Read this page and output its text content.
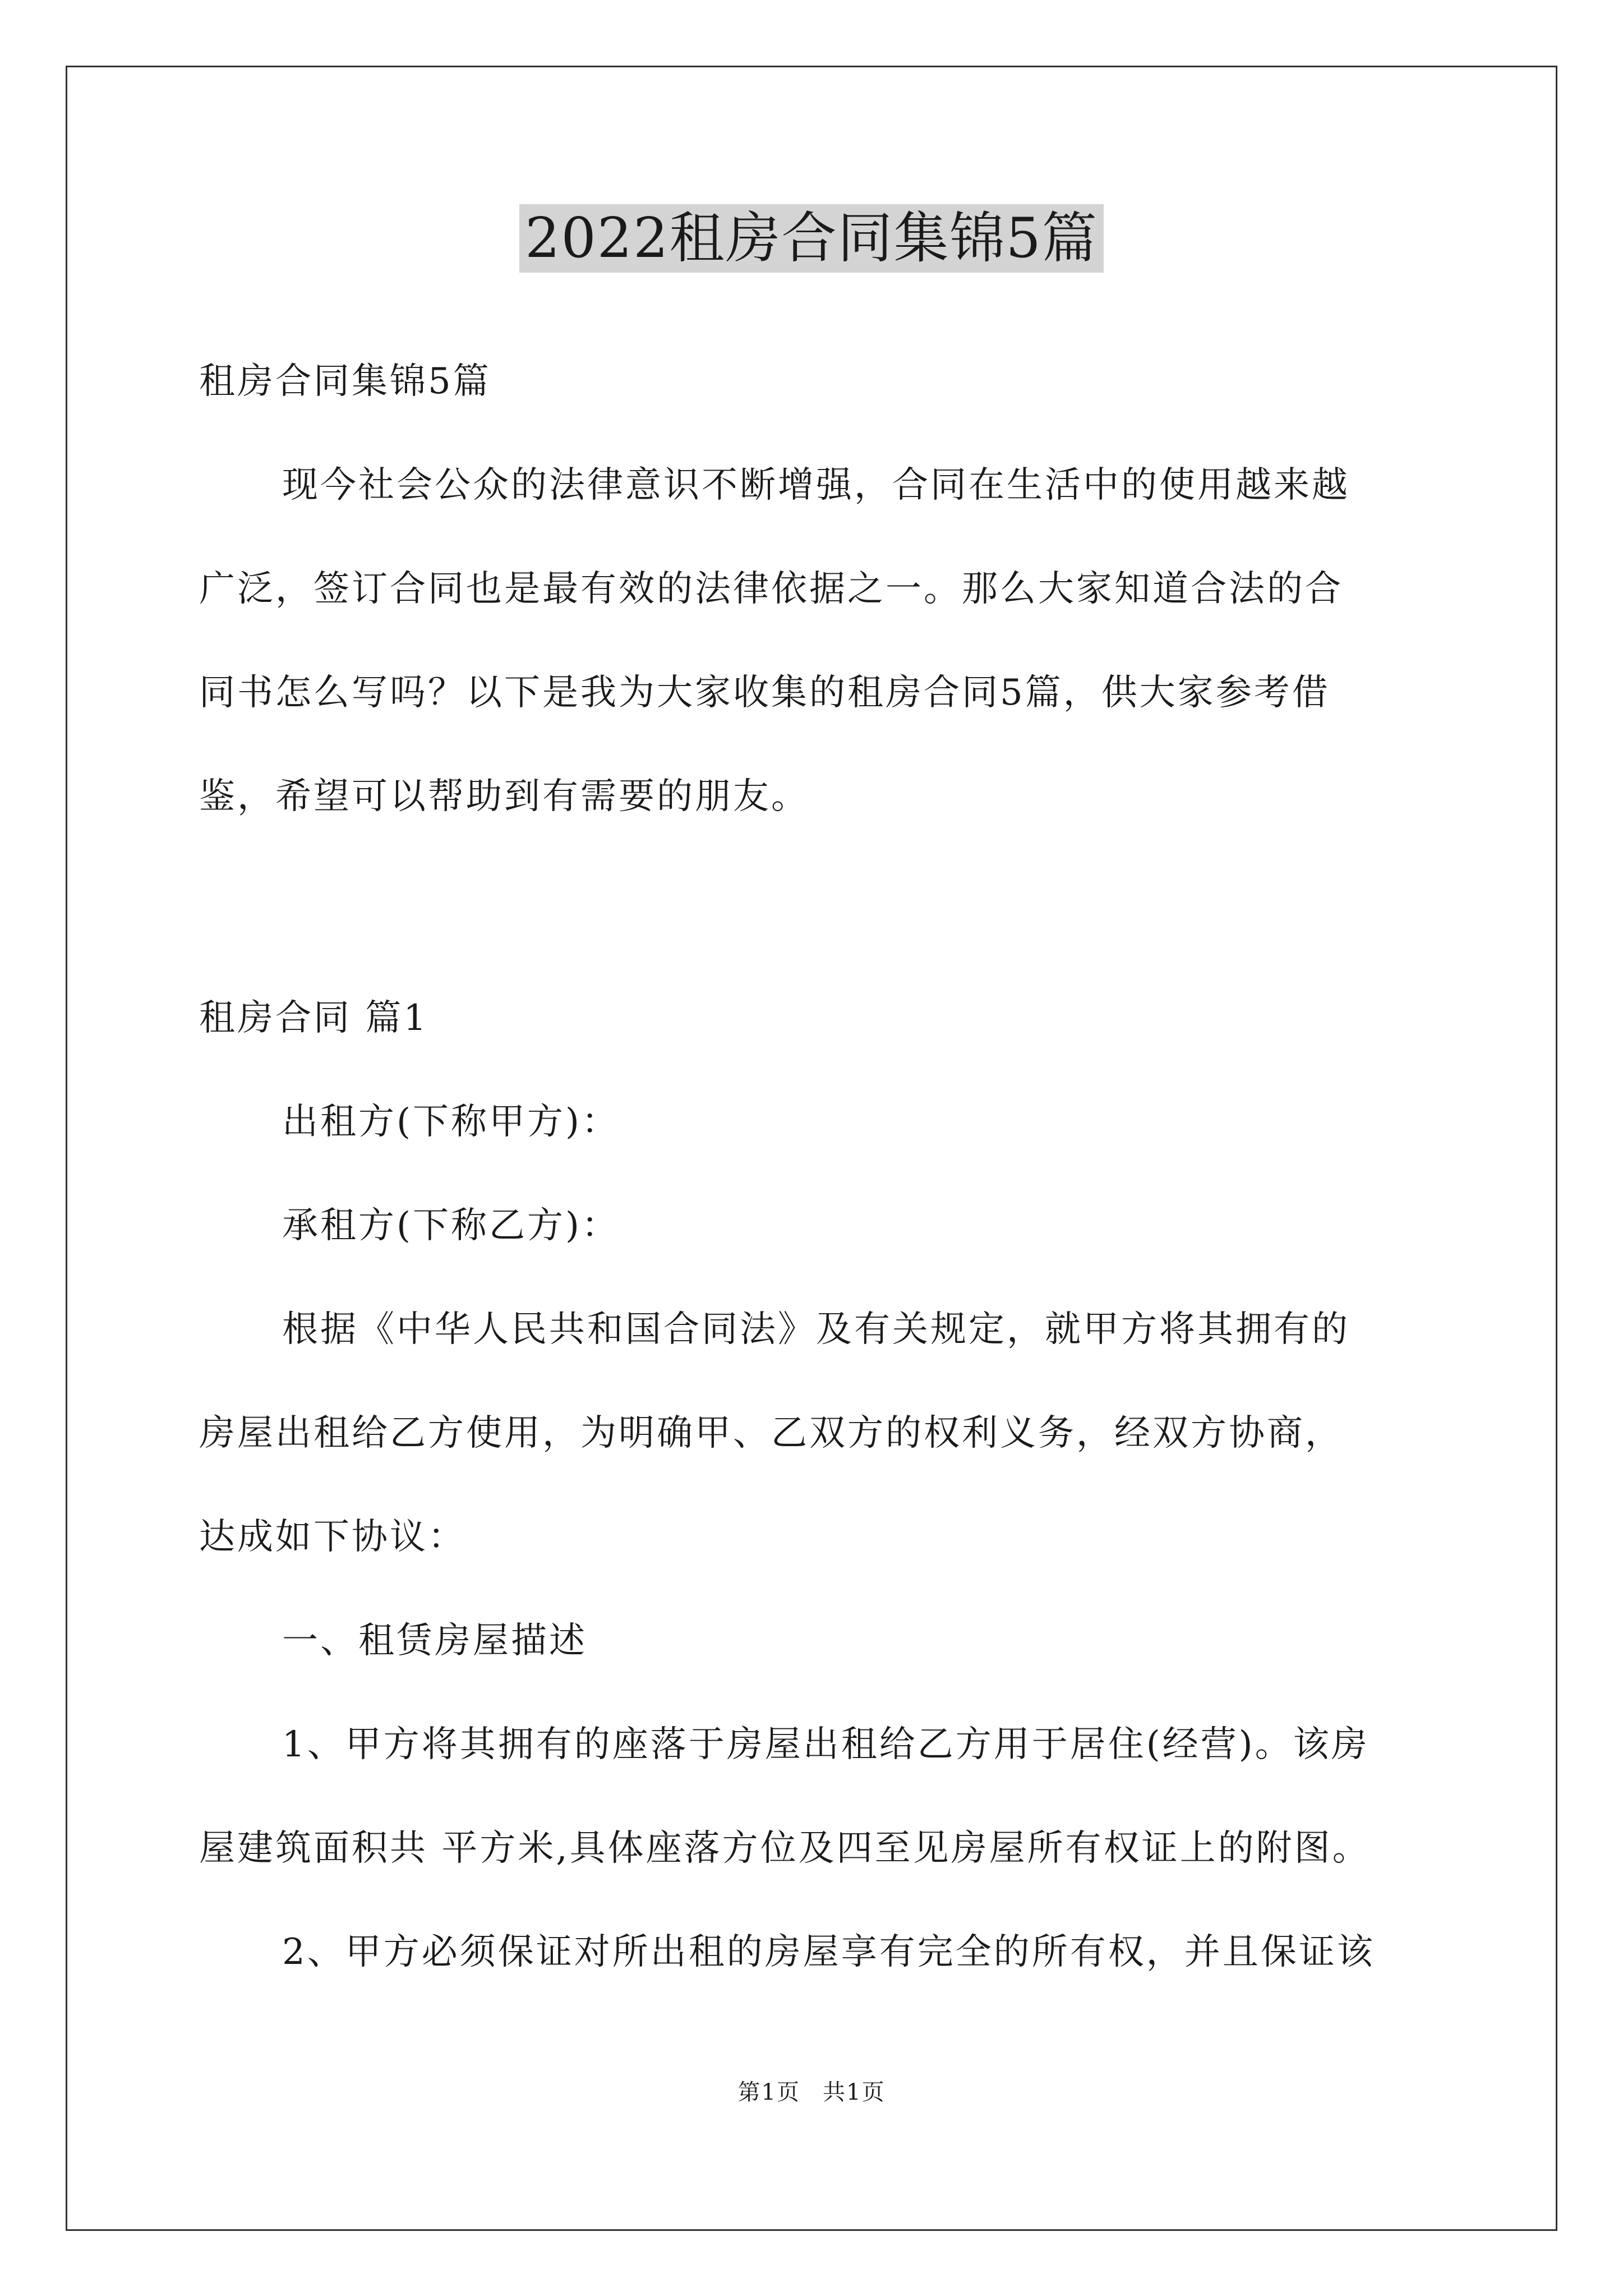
2022租房合同集锦5篇

租房合同集锦5篇

现今社会公众的法律意识不断增强，合同在生活中的使用越来越

广泛，签订合同也是最有效的法律依据之一。那么大家知道合法的合

同书怎么写吗？以下是我为大家收集的租房合同5篇，供大家参考借

鉴，希望可以帮助到有需要的朋友。

租房合同 篇1

出租方(下称甲方)：

承租方(下称乙方)：

根据《中华人民共和国合同法》及有关规定，就甲方将其拥有的

房屋出租给乙方使用，为明确甲、乙双方的权利义务，经双方协商，

达成如下协议：

一、租赁房屋描述

1、甲方将其拥有的座落于房屋出租给乙方用于居住(经营)。该房

屋建筑面积共 平方米,具体座落方位及四至见房屋所有权证上的附图。

2、甲方必须保证对所出租的房屋享有完全的所有权，并且保证该

第1页 共1页
